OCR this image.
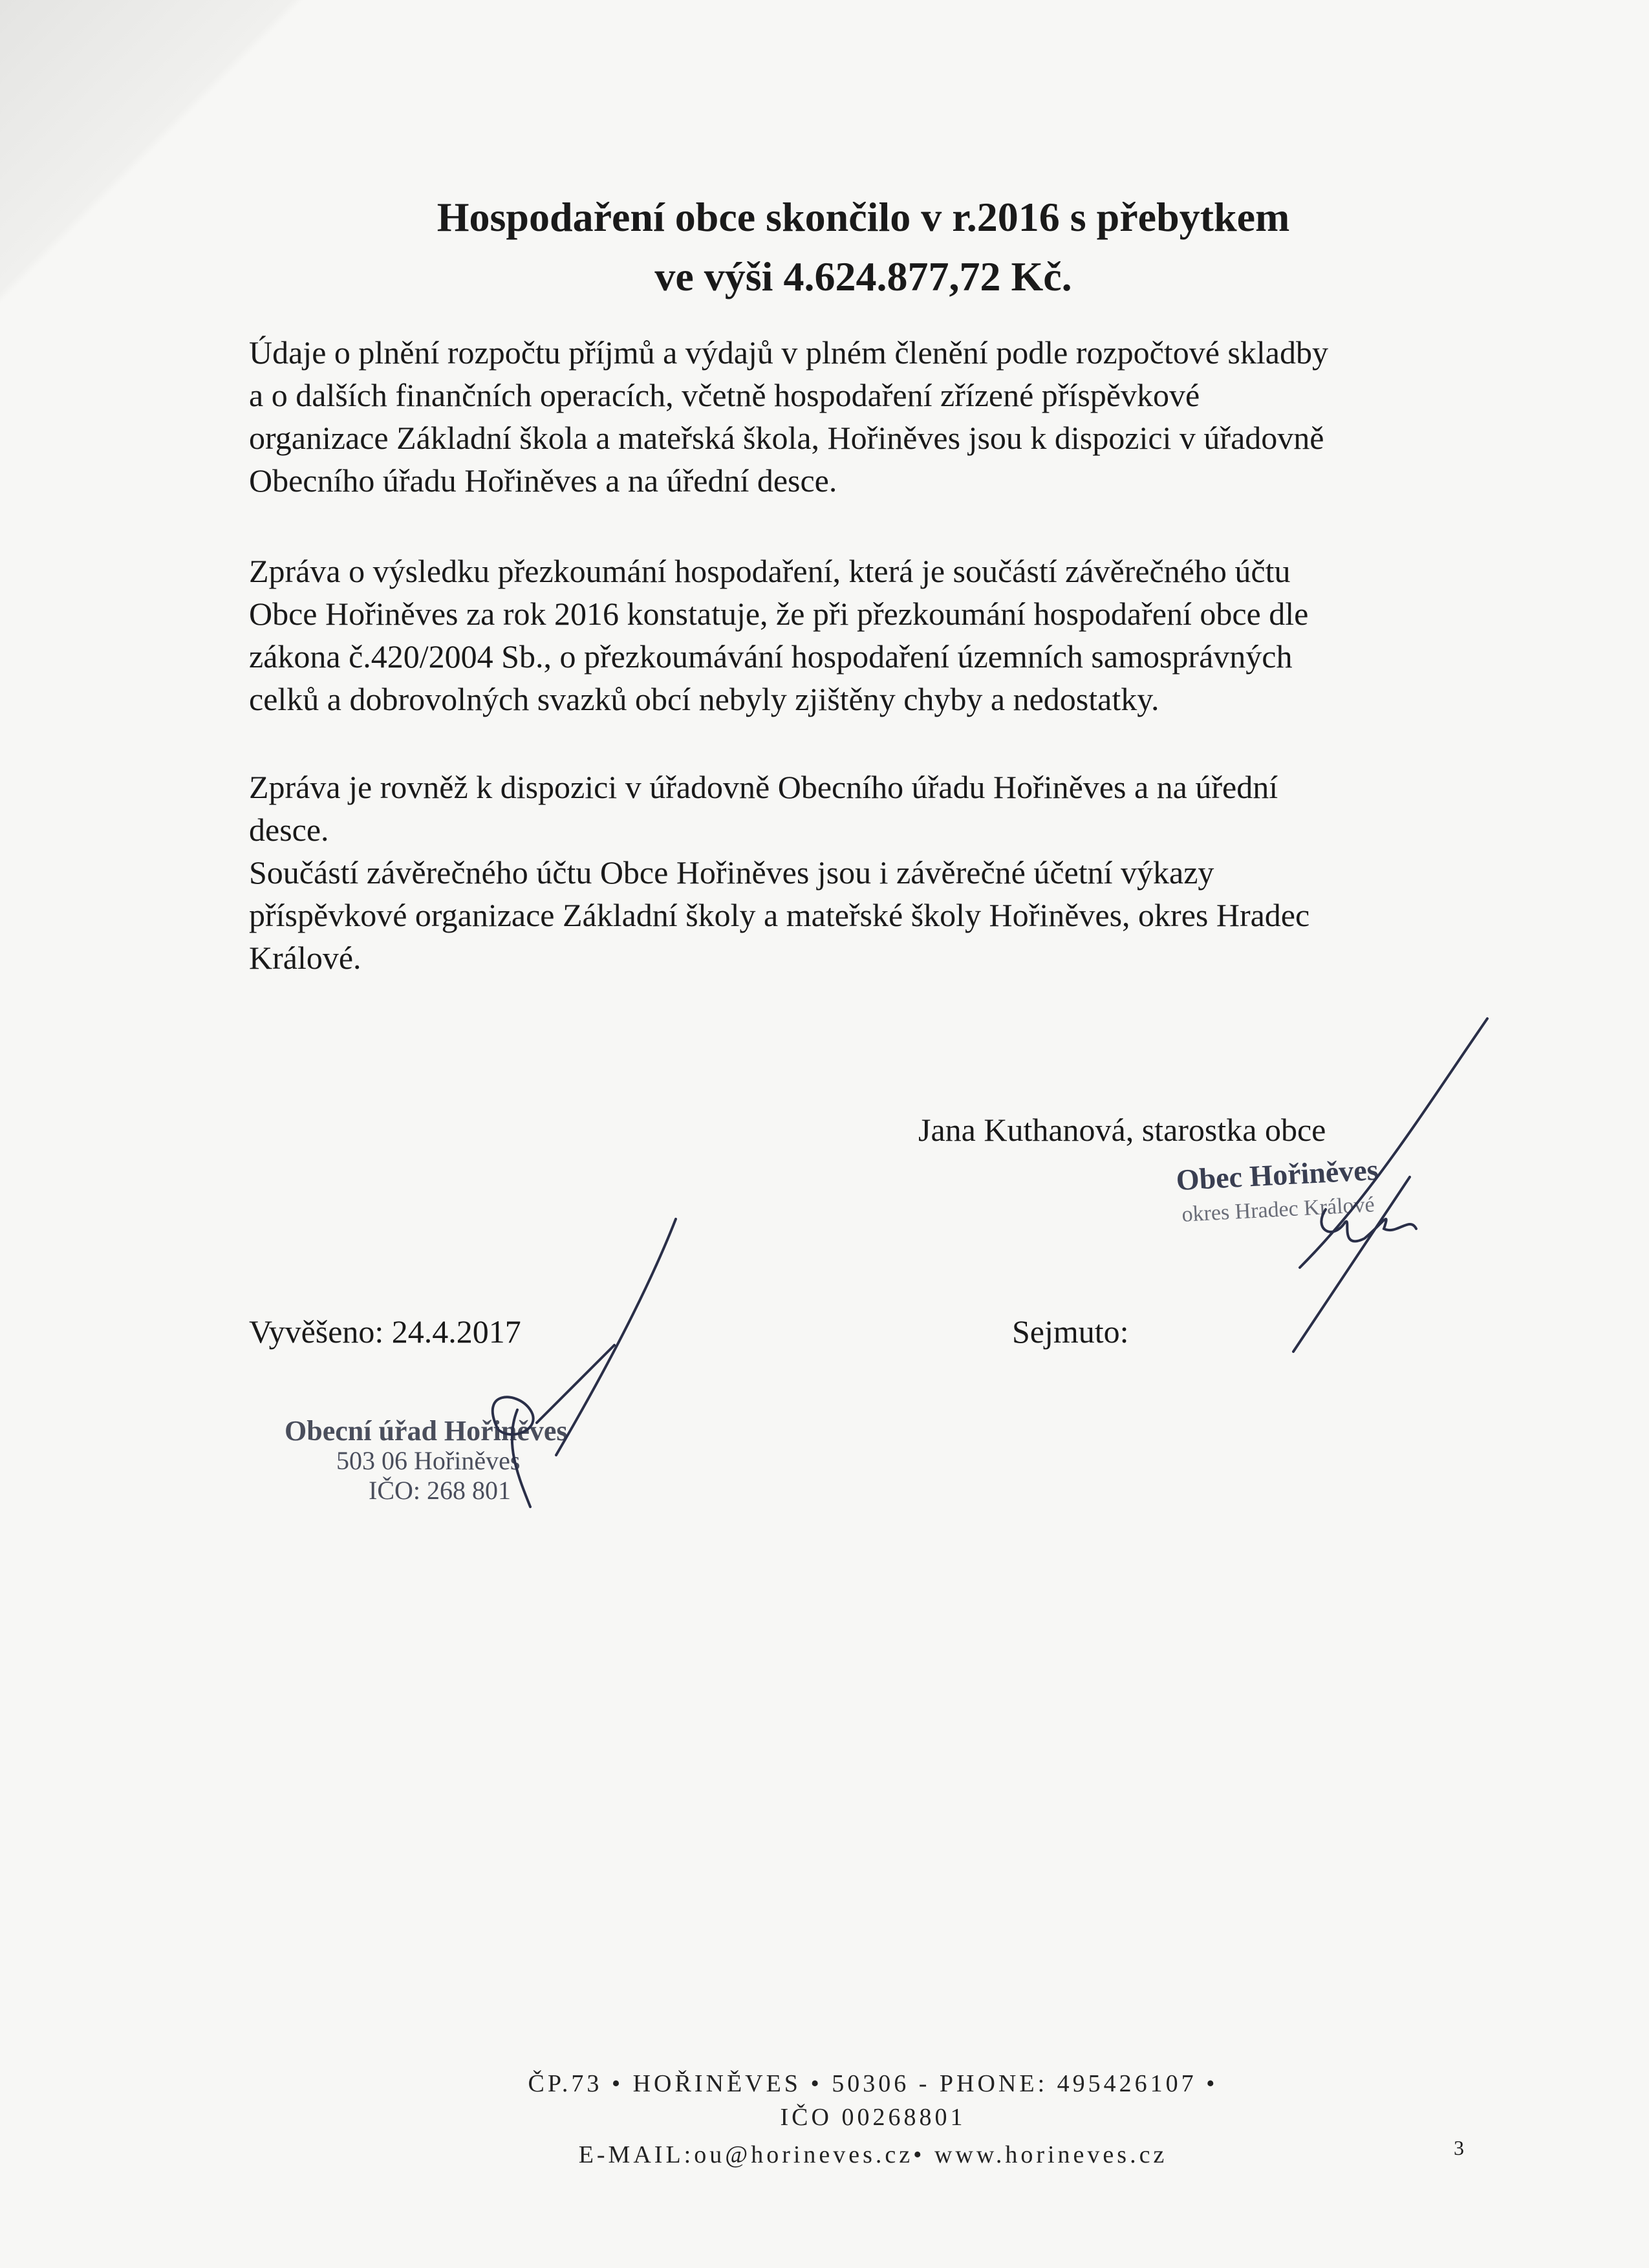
Hospodaření obce skončilo v r.2016 s přebytkem
ve výši 4.624.877,72 Kč.
Údaje o plnění rozpočtu příjmů a výdajů v plném členění podle rozpočtové skladby
a o dalších finančních operacích, včetně hospodaření zřízené příspěvkové
organizace Základní škola a mateřská škola, Hořiněves jsou k dispozici v úřadovně
Obecního úřadu Hořiněves a na úřední desce.
Zpráva o výsledku přezkoumání hospodaření, která je součástí závěrečného účtu
Obce Hořiněves za rok 2016 konstatuje, že při přezkoumání hospodaření obce dle
zákona č.420/2004 Sb., o přezkoumávání hospodaření územních samosprávných
celků a dobrovolných svazků obcí nebyly zjištěny chyby a nedostatky.
Zpráva je rovněž k dispozici v úřadovně Obecního úřadu Hořiněves a na úřední
desce.
Součástí závěrečného účtu Obce Hořiněves jsou i závěrečné účetní výkazy
příspěvkové organizace Základní školy a mateřské školy Hořiněves, okres Hradec
Králové.
Jana Kuthanová, starostka obce
Obec Hořiněves
okres Hradec Králové
Vyvěšeno: 24.4.2017	Sejmuto:
Obecní úřad Hořiněves
503 06 Hořiněves
IČO: 268 801
ČP.73 • HOŘINĚVES • 50306 - PHONE: 495426107 •
IČO 00268801
E-MAIL:ou@horineves.cz• www.horineves.cz	3
